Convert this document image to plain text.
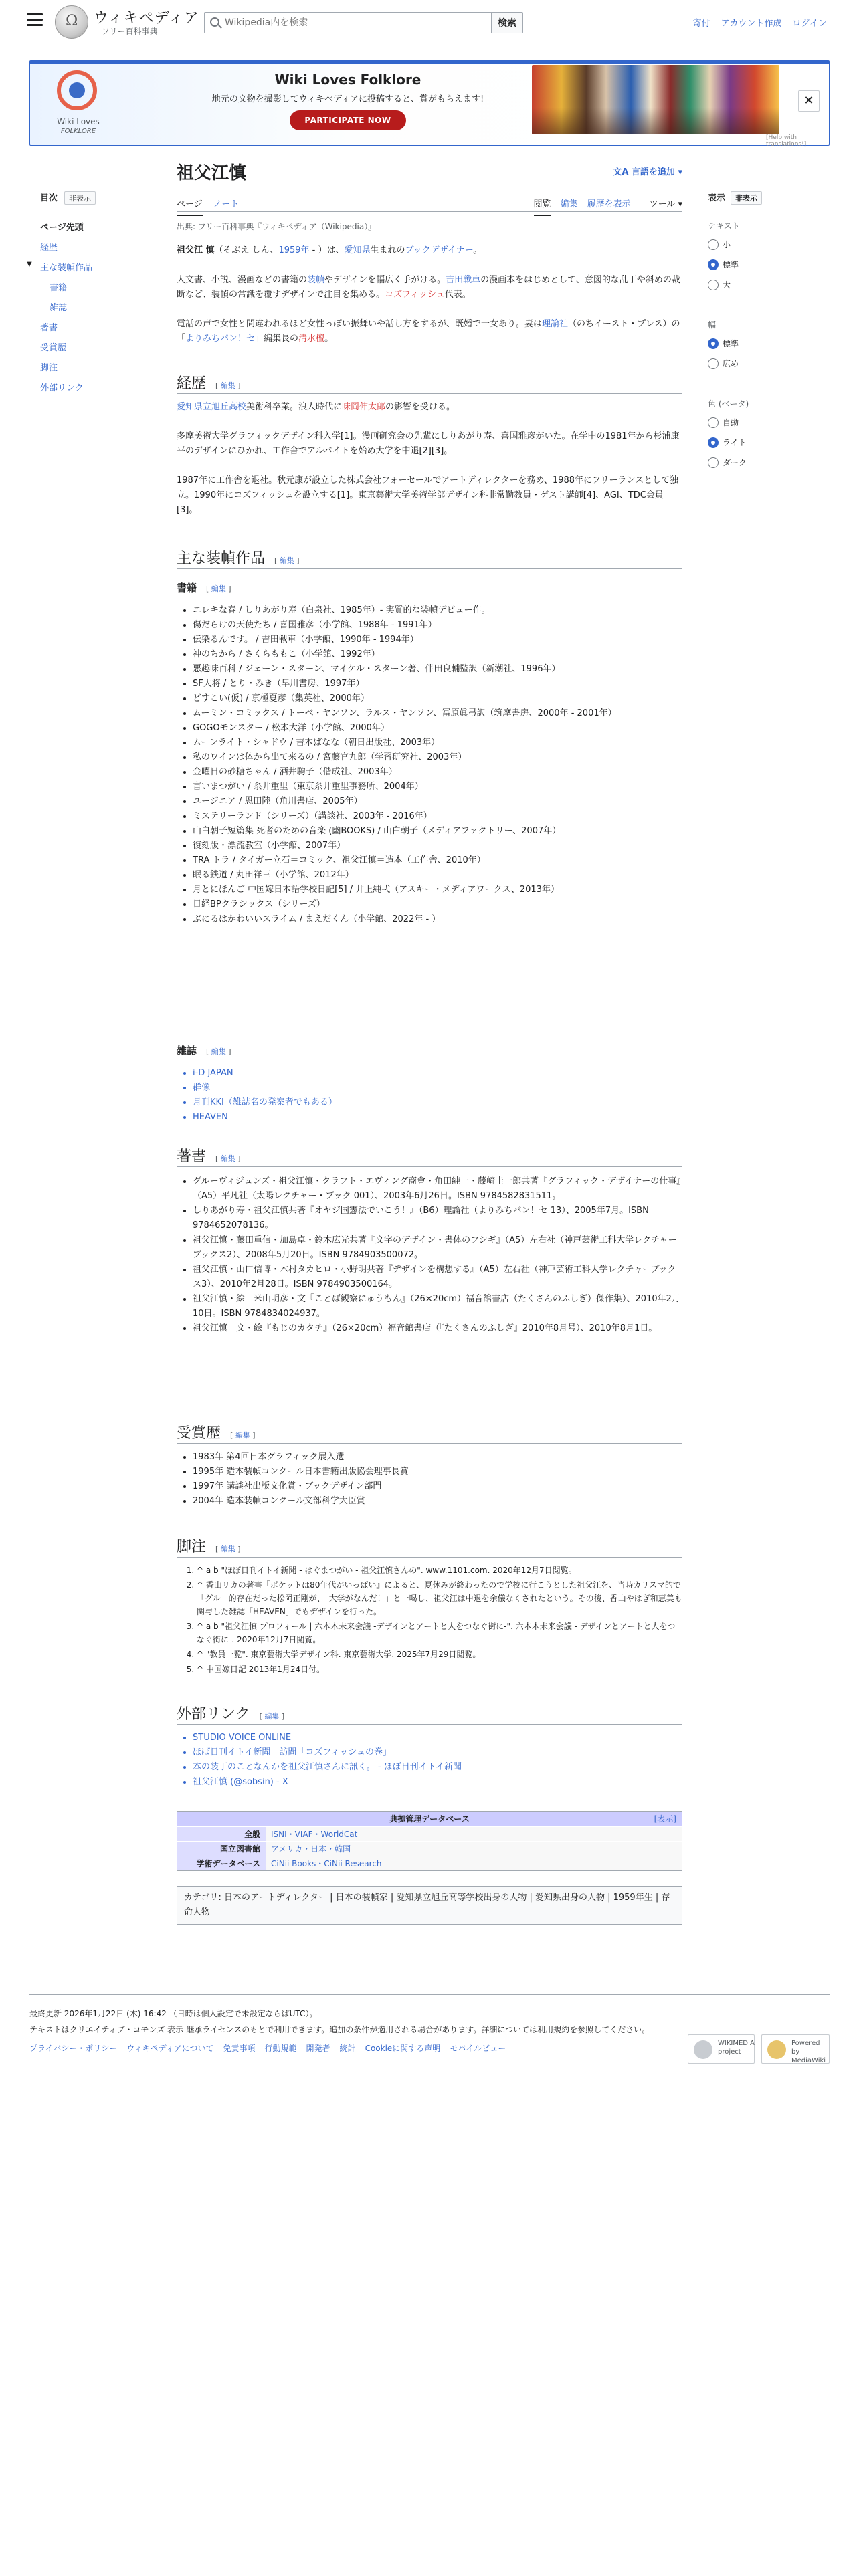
Ω
ウィキペディア
フリー百科事典
Wikipedia内を検索
検索	寄付 アカウント作成 ログイン
Wiki Loves
FOLKLORE
Wiki Loves Folklore
地元の文物を撮影してウィキペディアに投稿すると、賞がもらえます!
PARTICIPATE NOW
✕
[Help with translations!]
目次 非表示
ページ先頭
経歴
▼ 主な装幀作品
書籍
雑誌
著書
受賞歴
脚注
外部リンク
表示 非表示
テキスト
小
標準
大
幅
標準
広め
色 (ベータ)
自動
ライト
ダーク
祖父江慎	文A 言語を追加 ▾
ページ ノート	閲覧 編集 履歴を表示 ツール ▾
出典: フリー百科事典『ウィキペディア（Wikipedia）』

祖父江 慎（そぶえ しん、1959年 - ）は、愛知県生まれのブックデザイナー。

人文書、小説、漫画などの書籍の装幀やデザインを幅広く手がける。吉田戦車の漫画本をはじめとして、意図的な乱丁や斜めの裁断など、装幀の常識を覆すデザインで注目を集める。コズフィッシュ代表。

電話の声で女性と間違われるほど女性っぽい振舞いや話し方をするが、既婚で一女あり。妻は理論社（のちイースト・プレス）の「よりみちパン！セ」編集長の清水檀。

経歴 [ 編集 ]

愛知県立旭丘高校美術科卒業。浪人時代に味岡伸太郎の影響を受ける。

多摩美術大学グラフィックデザイン科入学[1]。漫画研究会の先輩にしりあがり寿、喜国雅彦がいた。在学中の1981年から杉浦康平のデザインにひかれ、工作舎でアルバイトを始め大学を中退[2][3]。

1987年に工作舎を退社。秋元康が設立した株式会社フォーセールでアートディレクターを務め、1988年にフリーランスとして独立。1990年にコズフィッシュを設立する[1]。東京藝術大学美術学部デザイン科非常勤教員・ゲスト講師[4]、AGI、TDC会員[3]。

主な装幀作品 [ 編集 ]
書籍 [ 編集 ]
• エレキな春 / しりあがり寿（白泉社、1985年）- 実質的な装幀デビュー作。
• 傷だらけの天使たち / 喜国雅彦（小学館、1988年 - 1991年）
• 伝染るんです。 / 吉田戦車（小学館、1990年 - 1994年）
• 神のちから / さくらももこ（小学館、1992年）
• 悪趣味百科 / ジェーン・スターン、マイケル・スターン著、伴田良輔監訳（新潮社、1996年）
• SF大将 / とり・みき（早川書房、1997年）
• どすこい(仮) / 京極夏彦（集英社、2000年）
• ムーミン・コミックス / トーベ・ヤンソン、ラルス・ヤンソン、冨原眞弓訳（筑摩書房、2000年 - 2001年）
• GOGOモンスター / 松本大洋（小学館、2000年）
• ムーンライト・シャドウ / 吉本ばなな（朝日出版社、2003年）
• 私のワインは体から出て来るの / 宮藤官九郎（学習研究社、2003年）
• 金曜日の砂糖ちゃん / 酒井駒子（偕成社、2003年）
• 言いまつがい / 糸井重里（東京糸井重里事務所、2004年）
• ユージニア / 恩田陸（角川書店、2005年）
• ミステリーランド（シリーズ）（講談社、2003年 - 2016年）
• 山白朝子短篇集 死者のための音楽 (幽BOOKS) / 山白朝子（メディアファクトリー、2007年）
• 復刻版・漂流教室（小学館、2007年）
• TRA トラ / タイガー立石＝コミック、祖父江慎＝造本（工作舎、2010年）
• 眠る鉄道 / 丸田祥三（小学館、2012年）
• 月とにほんご 中国嫁日本語学校日記[5] / 井上純弌（アスキー・メディアワークス、2013年）
• 日経BPクラシックス（シリーズ）
• ぶにるはかわいいスライム / まえだくん（小学館、2022年 - ）
雑誌 [ 編集 ]
• i-D JAPAN
• 群像
• 月刊KKI（雑誌名の発案者でもある）
• HEAVEN
著書 [ 編集 ]
• グルーヴィジュンズ・祖父江慎・クラフト・エヴィング商會・角田純一・藤崎圭一郎共著『グラフィック・デザイナーの仕事』（A5）平凡社（太陽レクチャー・ブック 001）、2003年6月26日。ISBN 9784582831511。
• しりあがり寿・祖父江慎共著『オヤジ国憲法でいこう！』（B6）理論社（よりみちパン！セ 13）、2005年7月。ISBN 9784652078136。
• 祖父江慎・藤田重信・加島卓・鈴木広光共著『文字のデザイン・書体のフシギ』（A5）左右社（神戸芸術工科大学レクチャーブックス2）、2008年5月20日。ISBN 9784903500072。
• 祖父江慎・山口信博・木村タカヒロ・小野明共著『デザインを構想する』（A5）左右社（神戸芸術工科大学レクチャーブックス3）、2010年2月28日。ISBN 9784903500164。
• 祖父江慎・絵　米山明彦・文『ことば観察にゅうもん』（26×20cm）福音館書店（たくさんのふしぎ）傑作集）、2010年2月10日。ISBN 9784834024937。
• 祖父江慎　文・絵『もじのカタチ』（26×20cm）福音館書店（『たくさんのふしぎ』2010年8月号）、2010年8月1日。
受賞歴 [ 編集 ]
• 1983年 第4回日本グラフィック展入選
• 1995年 造本装幀コンクール日本書籍出版協会理事長賞
• 1997年 講談社出版文化賞・ブックデザイン部門
• 2004年 造本装幀コンクール文部科学大臣賞
脚注 [ 編集 ]
1. ^ a b "ほぼ日刊イトイ新聞 - はぐまつがい - 祖父江慎さんの". www.1101.com. 2020年12月7日閲覧。
2. ^ 香山リカの著書『ポケットは80年代がいっぱい』によると、夏休みが終わったので学校に行こうとした祖父江を、当時カリスマ的で「グル」的存在だった松岡正剛が、「大学がなんだ！」と一喝し、祖父江は中退を余儀なくされたという。その後、香山やはぎ和恵美も関与した雑誌「HEAVEN」でもデザインを行った。
3. ^ a b "祖父江慎 プロフィール | 六本木未来会議 -デザインとアートと人をつなぐ街に-". 六本木未来会議 - デザインとアートと人をつなぐ街に-. 2020年12月7日閲覧。
4. ^ "教員一覧". 東京藝術大学デザイン科. 東京藝術大学. 2025年7月29日閲覧。
5. ^ 中国嫁日記 2013年1月24日付。
外部リンク [ 編集 ]
• STUDIO VOICE ONLINE
• ほぼ日刊イトイ新聞　訪問「コズフィッシュの巻」
• 本の装丁のことなんかを祖父江慎さんに訊く。 - ほぼ日刊イトイ新聞
• 祖父江慎 (@sobsin) - X
典拠管理データベース	[表示]
全般	ISNI・VIAF・WorldCat
国立図書館	アメリカ・日本・韓国
学術データベース	CiNii Books・CiNii Research
カテゴリ: 日本のアートディレクター | 日本の装幀家 | 愛知県立旭丘高等学校出身の人物 | 愛知県出身の人物 | 1959年生 | 存命人物
最終更新 2026年1月22日 (木) 16:42 （日時は個人設定で未設定ならばUTC）。
テキストはクリエイティブ・コモンズ 表示-継承ライセンスのもとで利用できます。追加の条件が適用される場合があります。詳細については利用規約を参照してください。
プライバシー・ポリシー ウィキペディアについて 免責事項 行動規範 開発者 統計 Cookieに関する声明 モバイルビュー
WIKIMEDIA project
Powered by MediaWiki
